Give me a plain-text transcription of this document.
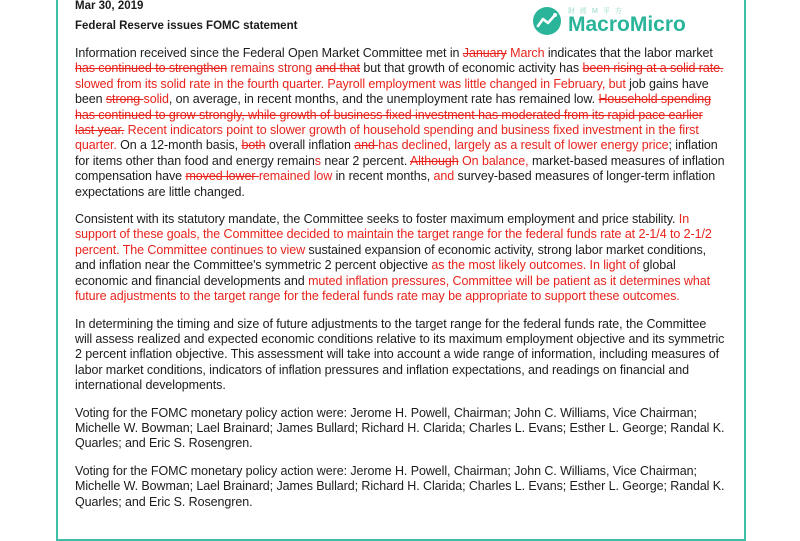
Mar 30, 2019
Federal Reserve issues FOMC statement
財經M平方
MacroMicro

Information received since the Federal Open Market Committee met in January March indicates that the labor market has continued to strengthen remains strong and that but that growth of economic activity has been rising at a solid rate. slowed from its solid rate in the fourth quarter. Payroll employment was little changed in February, but job gains have been strong solid, on average, in recent months, and the unemployment rate has remained low. Household spending has continued to grow strongly, while growth of business fixed investment has moderated from its rapid pace earlier last year. Recent indicators point to slower growth of household spending and business fixed investment in the first quarter. On a 12-month basis, both overall inflation and has declined, largely as a result of lower energy price; inflation for items other than food and energy remains near 2 percent. Although On balance, market-based measures of inflation compensation have moved lower remained low in recent months, and survey-based measures of longer-term inflation expectations are little changed.

Consistent with its statutory mandate, the Committee seeks to foster maximum employment and price stability. In support of these goals, the Committee decided to maintain the target range for the federal funds rate at 2-1/4 to 2-1/2 percent. The Committee continues to view sustained expansion of economic activity, strong labor market conditions, and inflation near the Committee's symmetric 2 percent objective as the most likely outcomes. In light of global economic and financial developments and muted inflation pressures, Committee will be patient as it determines what future adjustments to the target range for the federal funds rate may be appropriate to support these outcomes.

In determining the timing and size of future adjustments to the target range for the federal funds rate, the Committee will assess realized and expected economic conditions relative to its maximum employment objective and its symmetric 2 percent inflation objective. This assessment will take into account a wide range of information, including measures of labor market conditions, indicators of inflation pressures and inflation expectations, and readings on financial and international developments.

Voting for the FOMC monetary policy action were: Jerome H. Powell, Chairman; John C. Williams, Vice Chairman; Michelle W. Bowman; Lael Brainard; James Bullard; Richard H. Clarida; Charles L. Evans; Esther L. George; Randal K. Quarles; and Eric S. Rosengren.

Voting for the FOMC monetary policy action were: Jerome H. Powell, Chairman; John C. Williams, Vice Chairman; Michelle W. Bowman; Lael Brainard; James Bullard; Richard H. Clarida; Charles L. Evans; Esther L. George; Randal K. Quarles; and Eric S. Rosengren.
